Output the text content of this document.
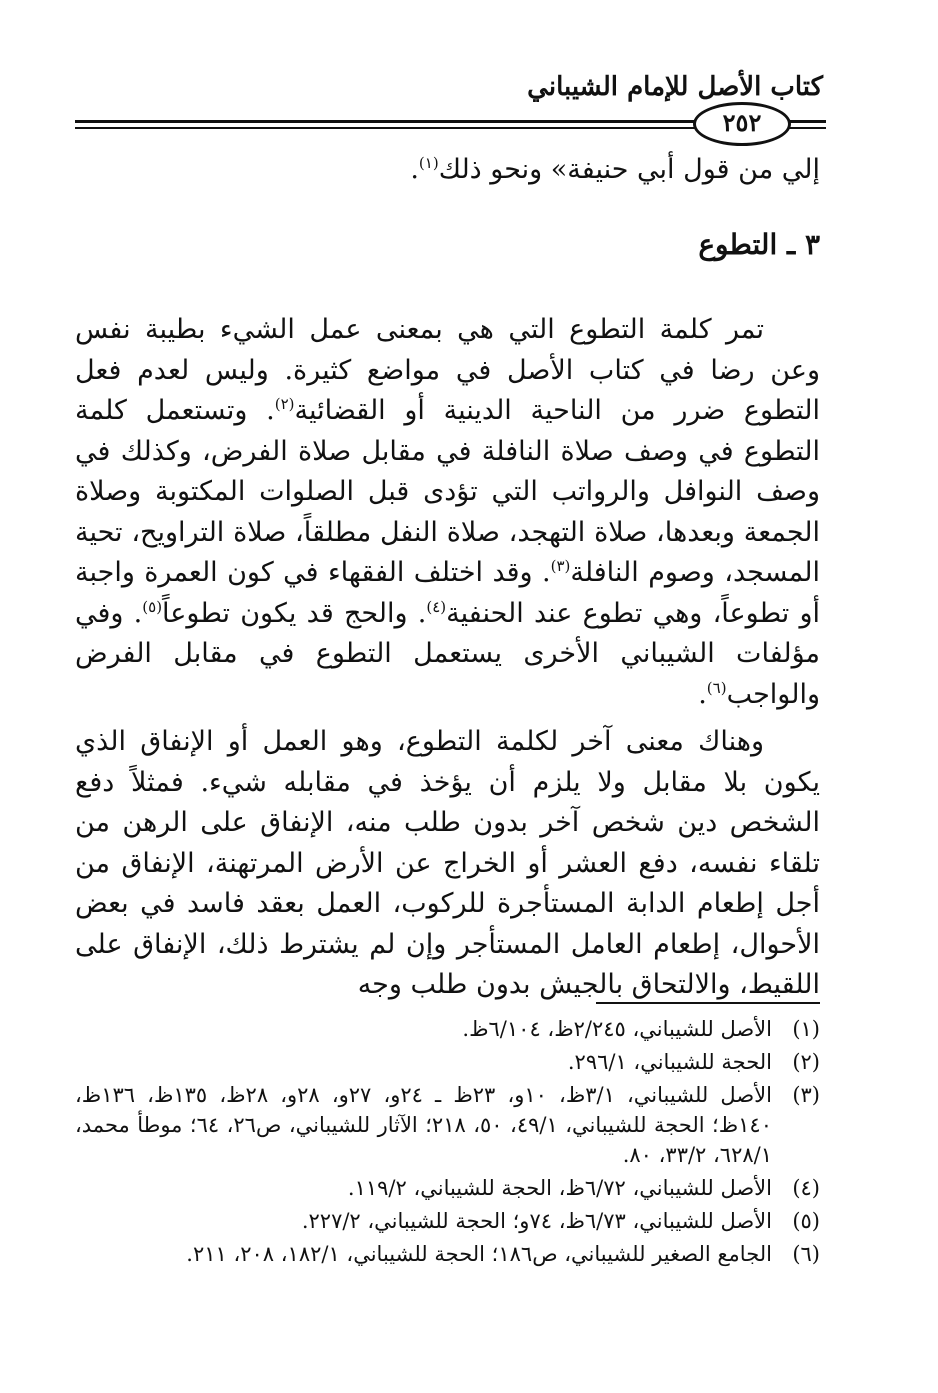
كتاب الأصل للإمام الشيباني
٢٥٢
إلي من قول أبي حنيفة» ونحو ذلك$^{(١)}$.
٣ ـ التطوع
تمر كلمة التطوع التي هي بمعنى عمل الشيء بطيبة نفس وعن رضا في كتاب الأصل في مواضع كثيرة. وليس لعدم فعل التطوع ضرر من الناحية الدينية أو القضائية$^{(٢)}$. وتستعمل كلمة التطوع في وصف صلاة النافلة في مقابل صلاة الفرض، وكذلك في وصف النوافل والرواتب التي تؤدى قبل الصلوات المكتوبة وصلاة الجمعة وبعدها، صلاة التهجد، صلاة النفل مطلقاً، صلاة التراويح، تحية المسجد، وصوم النافلة$^{(٣)}$. وقد اختلف الفقهاء في كون العمرة واجبة أو تطوعاً، وهي تطوع عند الحنفية$^{(٤)}$. والحج قد يكون تطوعاً$^{(٥)}$. وفي مؤلفات الشيباني الأخرى يستعمل التطوع في مقابل الفرض والواجب$^{(٦)}$.
وهناك معنى آخر لكلمة التطوع، وهو العمل أو الإنفاق الذي يكون بلا مقابل ولا يلزم أن يؤخذ في مقابله شيء. فمثلاً دفع الشخص دين شخص آخر بدون طلب منه، الإنفاق على الرهن من تلقاء نفسه، دفع العشر أو الخراج عن الأرض المرتهنة، الإنفاق من أجل إطعام الدابة المستأجرة للركوب، العمل بعقد فاسد في بعض الأحوال، إطعام العامل المستأجر وإن لم يشترط ذلك، الإنفاق على اللقيط، والالتحاق بالجيش بدون طلب وجه
(١)
الأصل للشيباني، ٢/٢٤٥ظ، ٦/١٠٤ظ.
(٢)
الحجة للشيباني، ٢٩٦/١.
(٣)
الأصل للشيباني، ٣/١ظ، ١٠و، ٢٣ظ ـ ٢٤و، ٢٧و، ٢٨و، ٢٨ظ، ١٣٥ظ، ١٣٦ظ، ١٤٠ظ؛ الحجة للشيباني، ٤٩/١، ٥٠، ٢١٨؛ الآثار للشيباني، ص٢٦، ٦٤؛ موطأ محمد، ٦٢٨/١، ٣٣/٢، ٨٠.
(٤)
الأصل للشيباني، ٦/٧٢ظ، الحجة للشيباني، ١١٩/٢.
(٥)
الأصل للشيباني، ٦/٧٣ظ، ٧٤و؛ الحجة للشيباني، ٢٢٧/٢.
(٦)
الجامع الصغير للشيباني، ص١٨٦؛ الحجة للشيباني، ١٨٢/١، ٢٠٨، ٢١١.
